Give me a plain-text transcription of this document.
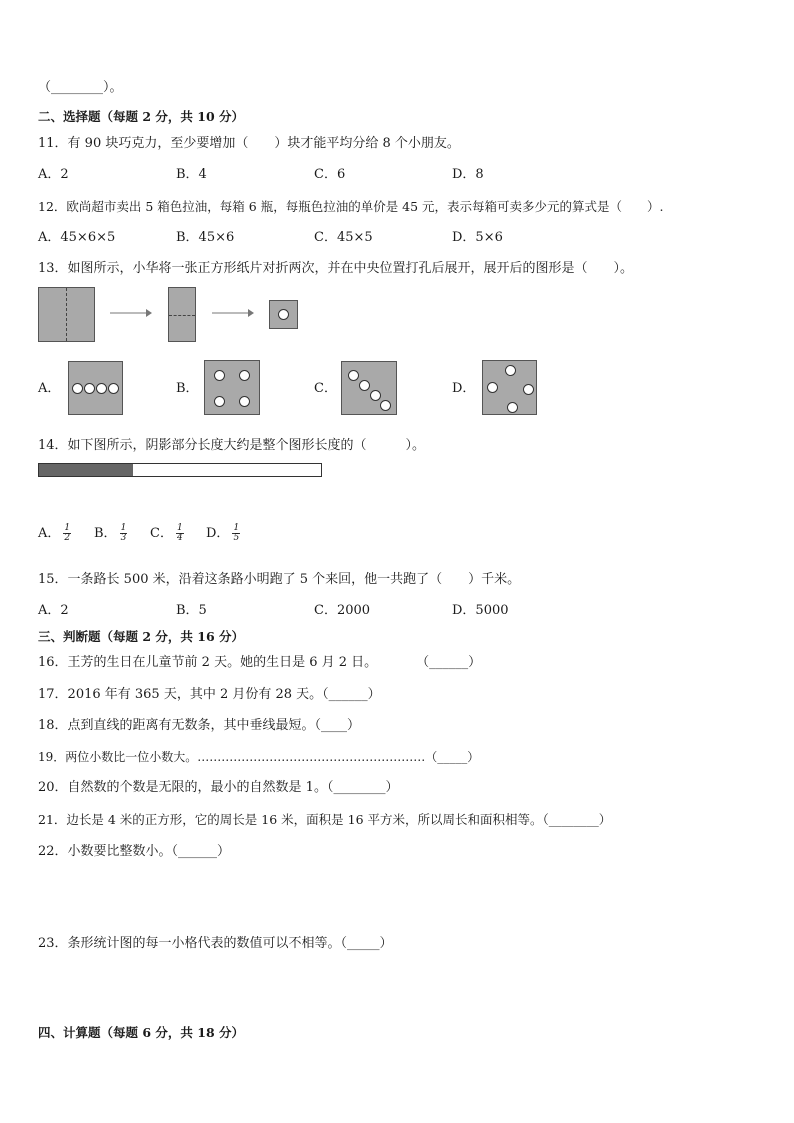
（________）。
二、选择题（每题 2 分，共 10 分）
11．有 90 块巧克力，至少要增加（　　）块才能平均分给 8 个小朋友。
A．2	B．4	C．6	D．8
12．欧尚超市卖出 5 箱色拉油，每箱 6 瓶，每瓶色拉油的单价是 45 元，表示每箱可卖多少元的算式是（　　）.
A．45×6×5	B．45×6	C．45×5	D．5×6
13．如图所示，小华将一张正方形纸片对折两次，并在中央位置打孔后展开，展开后的图形是（　　）。
A．	B．	C．	D．
14．如下图所示，阴影部分长度大约是整个图形长度的（　　　）。
A． $\frac{1}{2}$ B． $\frac{1}{3}$ C． $\frac{1}{4}$ D． $\frac{1}{5}$
15．一条路长 500 米，沿着这条路小明跑了 5 个来回，他一共跑了（　　）千米。
A．2	B．5	C．2000	D．5000
三、判断题（每题 2 分，共 16 分）
16．王芳的生日在儿童节前 2 天。她的生日是 6 月 2 日。　　　　（______）
17．2016 年有 365 天，其中 2 月份有 28 天。（______）
18．点到直线的距离有无数条，其中垂线最短。（____）
19．两位小数比一位小数大。…………………………………………………（_____）
20．自然数的个数是无限的，最小的自然数是 1。（________）
21．边长是 4 米的正方形，它的周长是 16 米，面积是 16 平方米，所以周长和面积相等。（________）
22．小数要比整数小。（______）
23．条形统计图的每一小格代表的数值可以不相等。（_____）
四、计算题（每题 6 分，共 18 分）
